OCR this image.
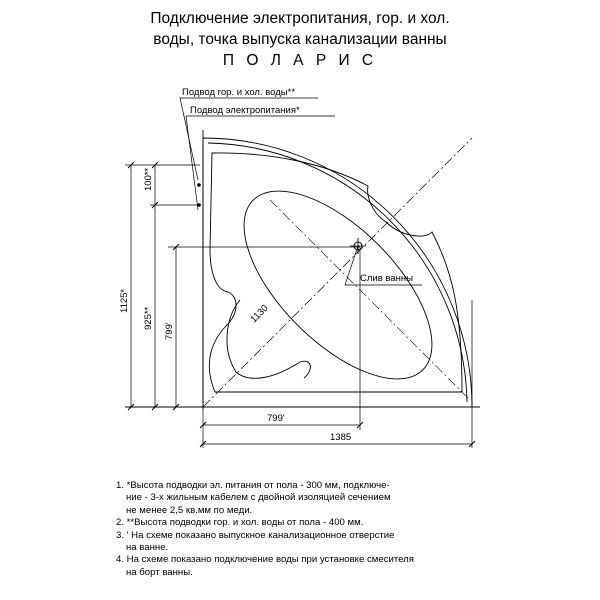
Подключение электропитания, гор. и хол.
воды, точка выпуска канализации ванны
П О Л А Р И С
Подвод гор. и хол. воды**
Подвод электропитания*
Слив ванны
100**
925**
1125*
799'
1130
799'
1385
1. *Высота подводки эл. питания от пола - 300 мм, подключе-
ние - 3-х жильным кабелем с двойной изоляцией сечением
не менее 2,5 кв.мм по меди.
2. **Высота подводки гор. и хол. воды от пола - 400 мм.
3. ' На схеме показано выпускное канализационное отверстие
на ванне.
4. На схеме показано подключение воды при установке смесителя
на борт ванны.
